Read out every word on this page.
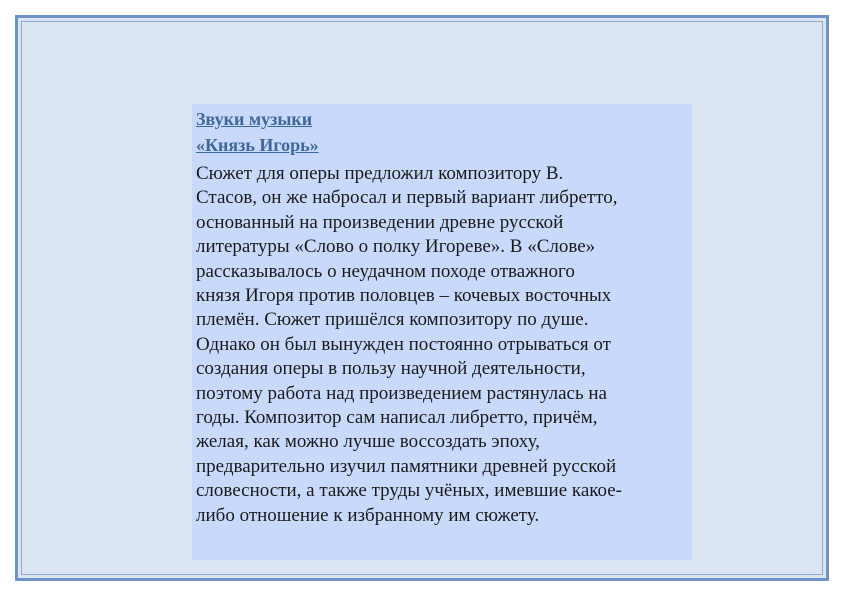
Звуки музыки
«Князь Игорь»

Сюжет для оперы предложил композитору В.
Стасов, он же набросал и первый вариант либретто,
основанный на произведении древне русской
литературы «Слово о полку Игореве». В «Слове»
рассказывалось о неудачном походе отважного
князя Игоря против половцев – кочевых восточных
племён. Сюжет пришёлся композитору по душе.
Однако он был вынужден постоянно отрываться от
создания оперы в пользу научной деятельности,
поэтому работа над произведением растянулась на
годы. Композитор сам написал либретто, причём,
желая, как можно лучше воссоздать эпоху,
предварительно изучил памятники древней русской
словесности, а также труды учёных, имевшие какое-
либо отношение к избранному им сюжету.
